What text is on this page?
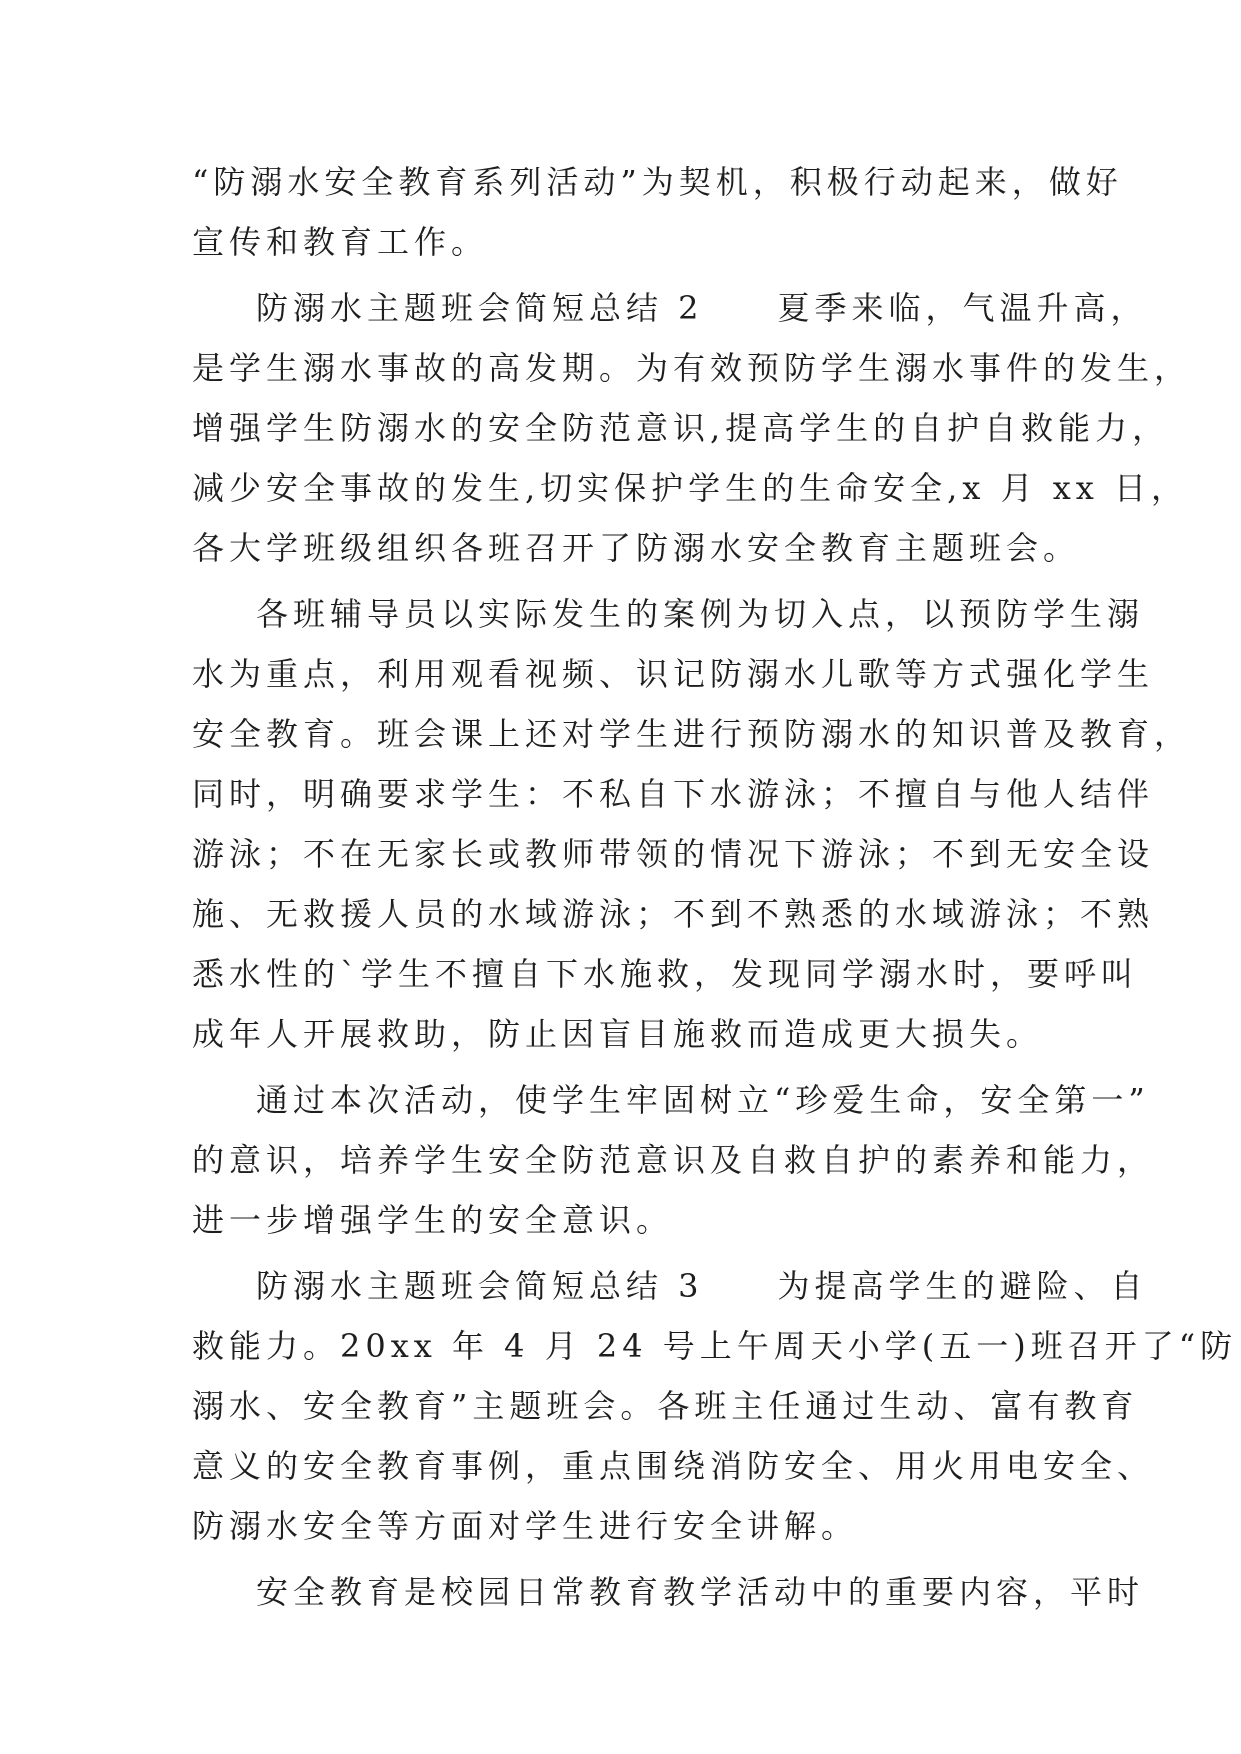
“防溺水安全教育系列活动”为契机，积极行动起来，做好
宣传和教育工作。
防溺水主题班会简短总结 2　　夏季来临，气温升高，
是学生溺水事故的高发期。为有效预防学生溺水事件的发生，
增强学生防溺水的安全防范意识,提高学生的自护自救能力，
减少安全事故的发生,切实保护学生的生命安全,x 月 xx 日，
各大学班级组织各班召开了防溺水安全教育主题班会。
各班辅导员以实际发生的案例为切入点，以预防学生溺
水为重点，利用观看视频、识记防溺水儿歌等方式强化学生
安全教育。班会课上还对学生进行预防溺水的知识普及教育，
同时，明确要求学生：不私自下水游泳；不擅自与他人结伴
游泳；不在无家长或教师带领的情况下游泳；不到无安全设
施、无救援人员的水域游泳；不到不熟悉的水域游泳；不熟
悉水性的`学生不擅自下水施救，发现同学溺水时，要呼叫
成年人开展救助，防止因盲目施救而造成更大损失。
通过本次活动，使学生牢固树立“珍爱生命，安全第一”
的意识，培养学生安全防范意识及自救自护的素养和能力，
进一步增强学生的安全意识。
防溺水主题班会简短总结 3　　为提高学生的避险、自
救能力。20xx 年 4 月 24 号上午周天小学(五一)班召开了“防
溺水、安全教育”主题班会。各班主任通过生动、富有教育
意义的安全教育事例，重点围绕消防安全、用火用电安全、
防溺水安全等方面对学生进行安全讲解。
安全教育是校园日常教育教学活动中的重要内容，平时
